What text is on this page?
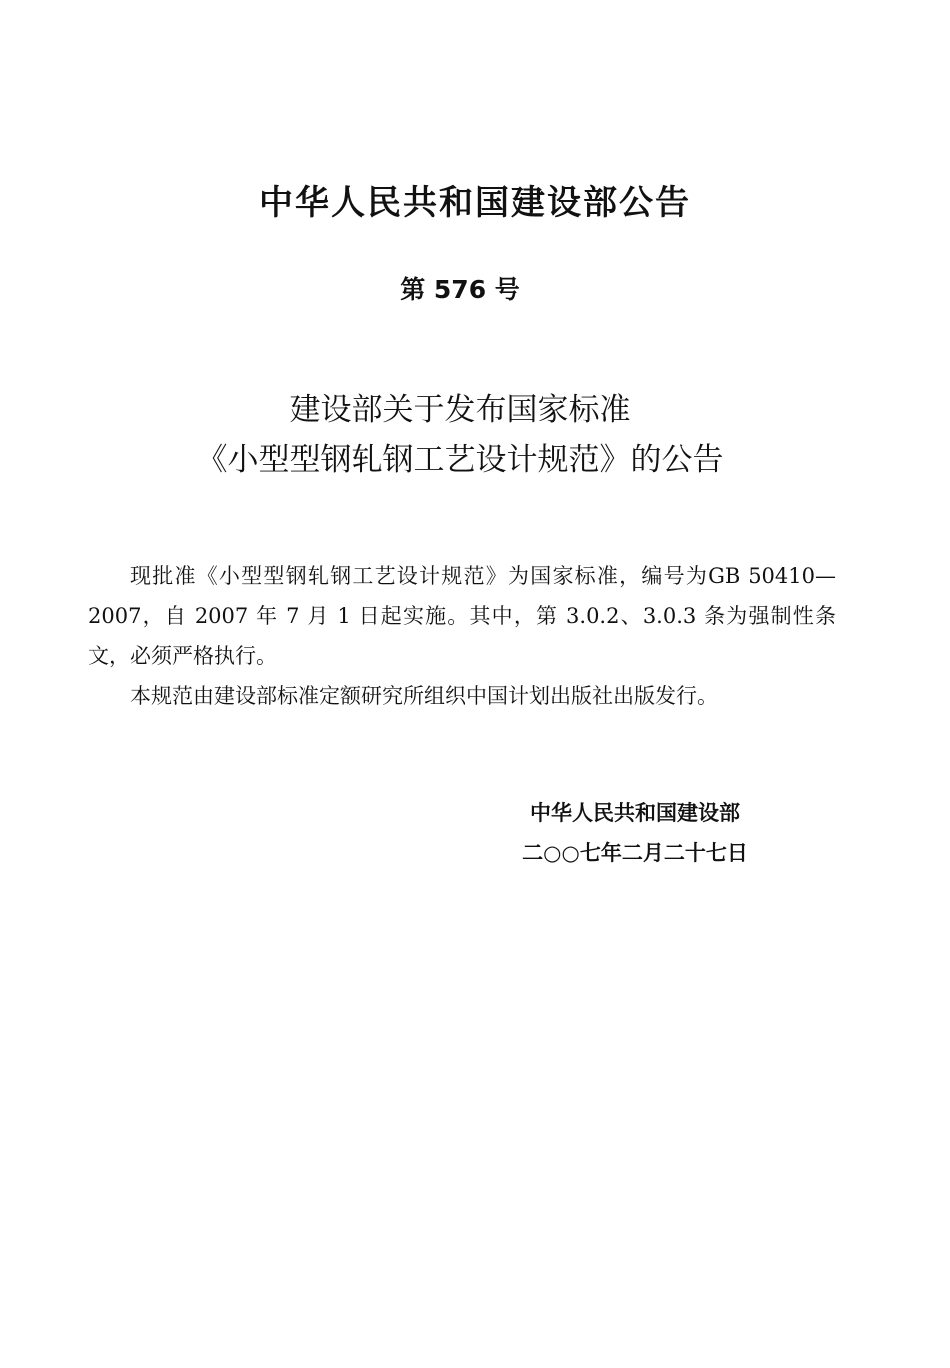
中华人民共和国建设部公告
第 576 号
建设部关于发布国家标准
《小型型钢轧钢工艺设计规范》的公告

现批准《小型型钢轧钢工艺设计规范》为国家标准，编号为GB 50410—2007，自 2007 年 7 月 1 日起实施。其中，第 3.0.2、3.0.3 条为强制性条文，必须严格执行。

本规范由建设部标准定额研究所组织中国计划出版社出版发行。

中华人民共和国建设部
二○○七年二月二十七日
